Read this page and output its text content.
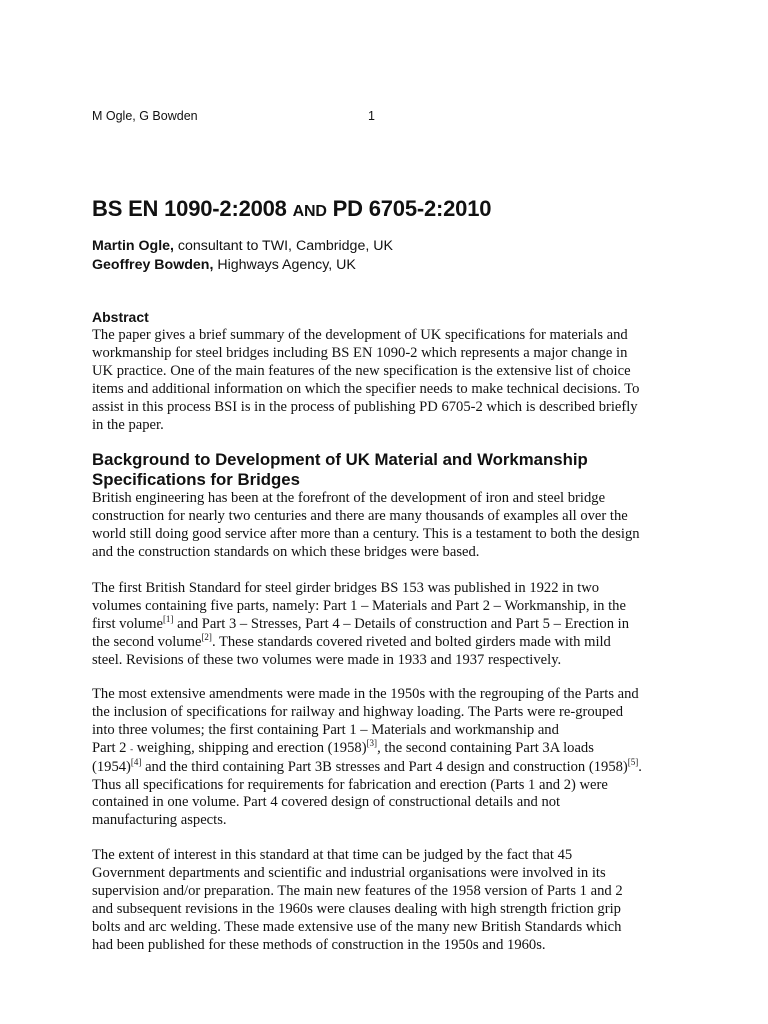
M Ogle, G Bowden	1
BS EN 1090-2:2008 AND PD 6705-2:2010
Martin Ogle, consultant to TWI, Cambridge, UK
Geoffrey Bowden, Highways Agency, UK
Abstract
The paper gives a brief summary of the development of UK specifications for materials and
workmanship for steel bridges including BS EN 1090-2 which represents a major change in
UK practice. One of the main features of the new specification is the extensive list of choice
items and additional information on which the specifier needs to make technical decisions. To
assist in this process BSI is in the process of publishing PD 6705-2 which is described briefly
in the paper.
Background to Development of UK Material and Workmanship
Specifications for Bridges
British engineering has been at the forefront of the development of iron and steel bridge
construction for nearly two centuries and there are many thousands of examples all over the
world still doing good service after more than a century. This is a testament to both the design
and the construction standards on which these bridges were based.
The first British Standard for steel girder bridges BS 153 was published in 1922 in two
volumes containing five parts, namely: Part 1 – Materials and Part 2 – Workmanship, in the
first volume[1] and Part 3 – Stresses, Part 4 – Details of construction and Part 5 – Erection in
the second volume[2]. These standards covered riveted and bolted girders made with mild
steel. Revisions of these two volumes were made in 1933 and 1937 respectively.
The most extensive amendments were made in the 1950s with the regrouping of the Parts and
the inclusion of specifications for railway and highway loading. The Parts were re-grouped
into three volumes; the first containing Part 1 – Materials and workmanship and
Part 2 - weighing, shipping and erection (1958)[3], the second containing Part 3A loads
(1954)[4] and the third containing Part 3B stresses and Part 4 design and construction (1958)[5].
Thus all specifications for requirements for fabrication and erection (Parts 1 and 2) were
contained in one volume. Part 4 covered design of constructional details and not
manufacturing aspects.
The extent of interest in this standard at that time can be judged by the fact that 45
Government departments and scientific and industrial organisations were involved in its
supervision and/or preparation. The main new features of the 1958 version of Parts 1 and 2
and subsequent revisions in the 1960s were clauses dealing with high strength friction grip
bolts and arc welding. These made extensive use of the many new British Standards which
had been published for these methods of construction in the 1950s and 1960s.
